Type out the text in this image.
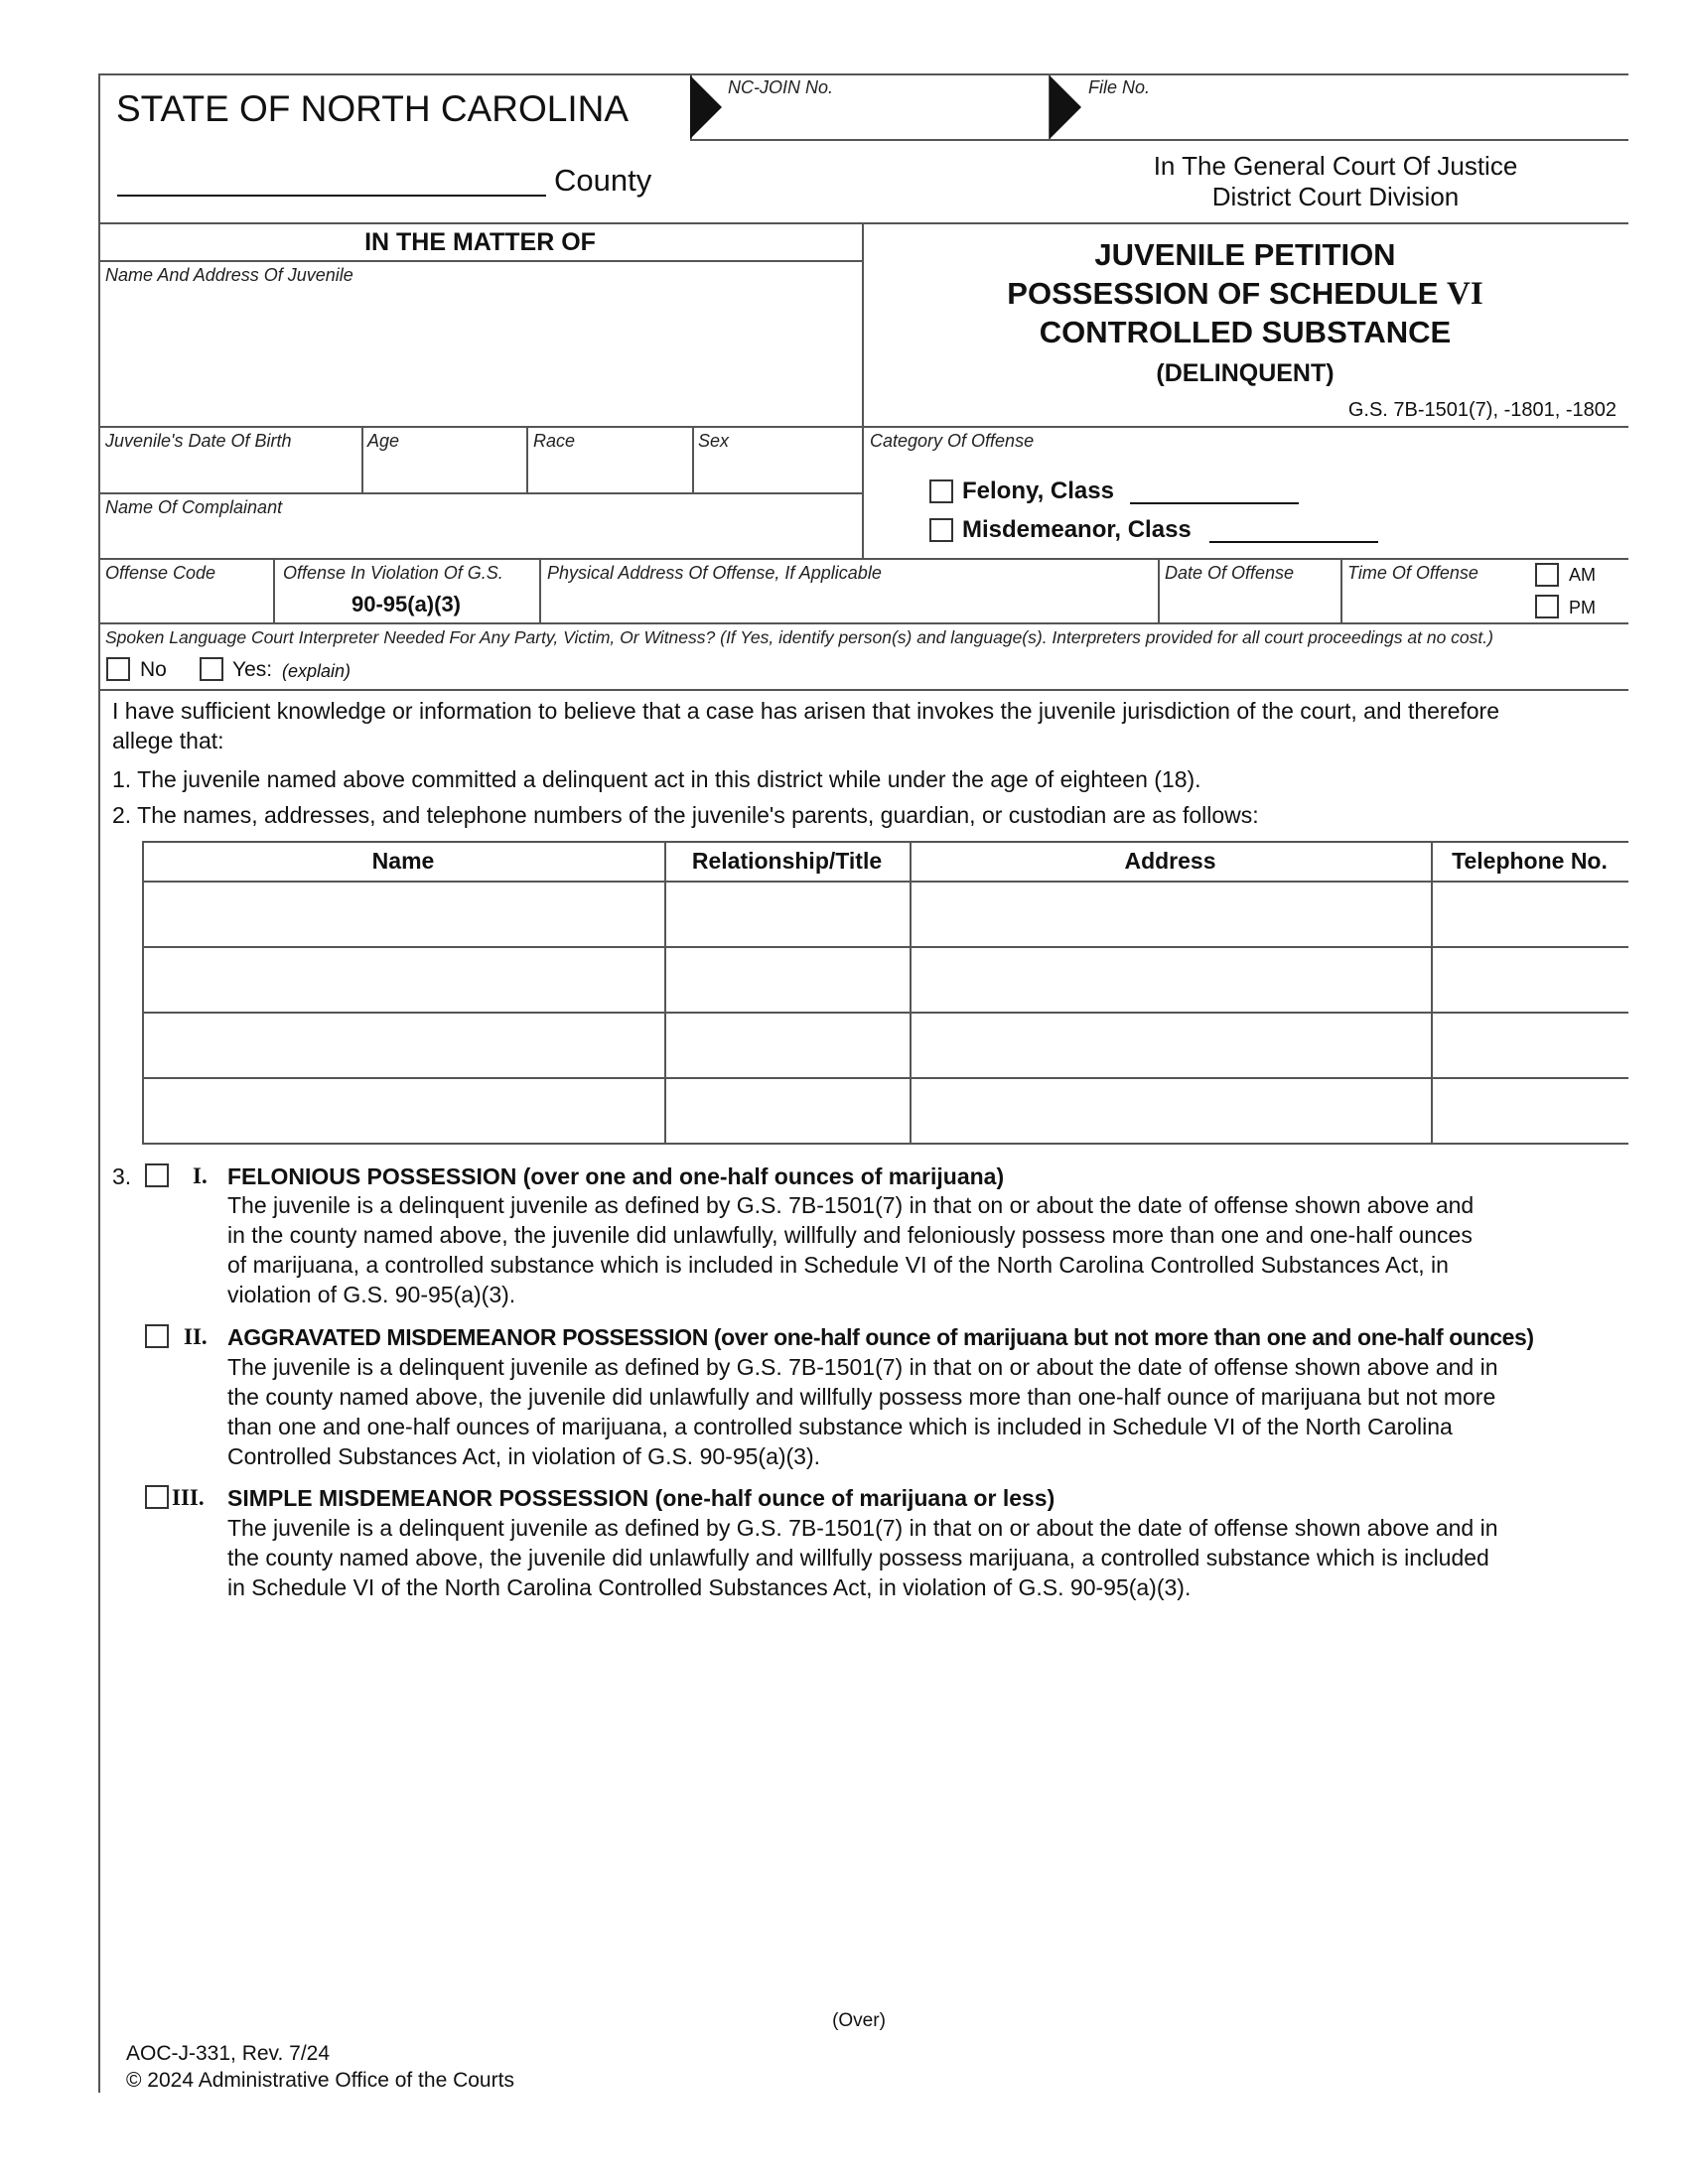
STATE OF NORTH CAROLINA
County
NC-JOIN No.	File No.
In The General Court Of Justice
District Court Division
IN THE MATTER OF
Name And Address Of Juvenile
Juvenile's Date Of Birth	Age	Race	Sex
Name Of Complainant
JUVENILE PETITION
POSSESSION OF SCHEDULE VI
CONTROLLED SUBSTANCE
(DELINQUENT)
G.S. 7B-1501(7), -1801, -1802
Category Of Offense
Felony, Class
Misdemeanor, Class
Offense Code	Offense In Violation Of G.S.
90-95(a)(3)
Physical Address Of Offense, If Applicable	Date Of Offense	Time Of Offense	AM
PM
Spoken Language Court Interpreter Needed For Any Party, Victim, Or Witness? (If Yes, identify person(s) and language(s). Interpreters provided for all court proceedings at no cost.)
No	Yes: (explain)
I have sufficient knowledge or information to believe that a case has arisen that invokes the juvenile jurisdiction of the court, and therefore
allege that:
1. The juvenile named above committed a delinquent act in this district while under the age of eighteen (18).
2. The names, addresses, and telephone numbers of the juvenile's parents, guardian, or custodian are as follows:
Name	Relationship/Title	Address	Telephone No.
3.	I. FELONIOUS POSSESSION (over one and one-half ounces of marijuana)
The juvenile is a delinquent juvenile as defined by G.S. 7B-1501(7) in that on or about the date of offense shown above and
in the county named above, the juvenile did unlawfully, willfully and feloniously possess more than one and one-half ounces
of marijuana, a controlled substance which is included in Schedule VI of the North Carolina Controlled Substances Act, in
violation of G.S. 90-95(a)(3).
II. AGGRAVATED MISDEMEANOR POSSESSION (over one-half ounce of marijuana but not more than one and one-half ounces)
The juvenile is a delinquent juvenile as defined by G.S. 7B-1501(7) in that on or about the date of offense shown above and in
the county named above, the juvenile did unlawfully and willfully possess more than one-half ounce of marijuana but not more
than one and one-half ounces of marijuana, a controlled substance which is included in Schedule VI of the North Carolina
Controlled Substances Act, in violation of G.S. 90-95(a)(3).
III. SIMPLE MISDEMEANOR POSSESSION (one-half ounce of marijuana or less)
The juvenile is a delinquent juvenile as defined by G.S. 7B-1501(7) in that on or about the date of offense shown above and in
the county named above, the juvenile did unlawfully and willfully possess marijuana, a controlled substance which is included
in Schedule VI of the North Carolina Controlled Substances Act, in violation of G.S. 90-95(a)(3).
(Over)
AOC-J-331, Rev. 7/24
© 2024 Administrative Office of the Courts
